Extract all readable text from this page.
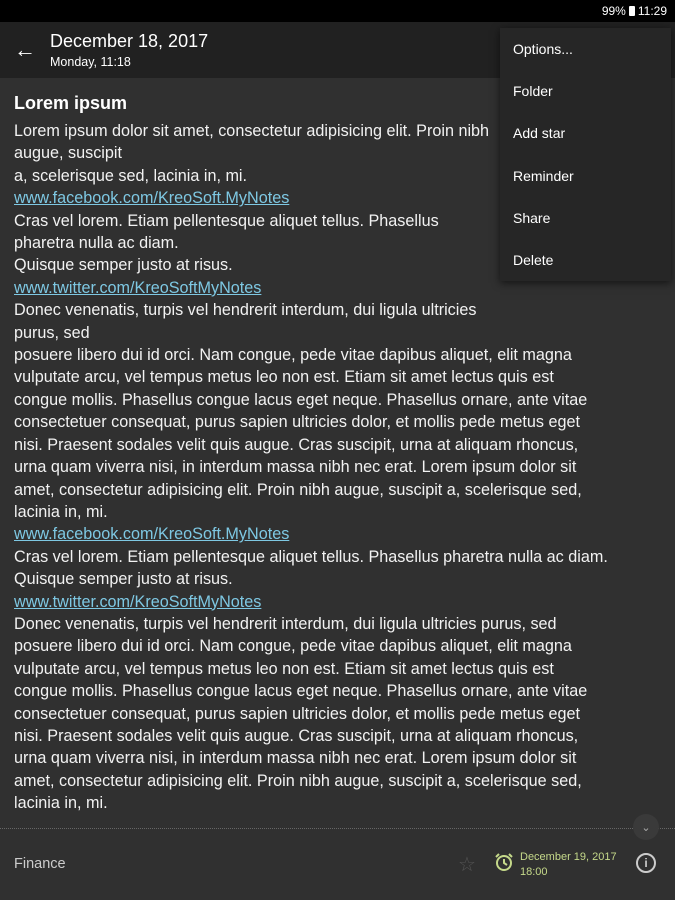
99% 11:29
← December 18, 2017
Monday, 11:18
Lorem ipsum
Lorem ipsum dolor sit amet, consectetur adipisicing elit. Proin nibh augue, suscipit
a, scelerisque sed, lacinia in, mi.
www.facebook.com/KreoSoft.MyNotes
Cras vel lorem. Etiam pellentesque aliquet tellus. Phasellus pharetra nulla ac diam.
Quisque semper justo at risus.
www.twitter.com/KreoSoftMyNotes
Donec venenatis, turpis vel hendrerit interdum, dui ligula ultricies purus, sed
posuere libero dui id orci. Nam congue, pede vitae dapibus aliquet, elit magna
vulputate arcu, vel tempus metus leo non est. Etiam sit amet lectus quis est
congue mollis. Phasellus congue lacus eget neque. Phasellus ornare, ante vitae
consectetuer consequat, purus sapien ultricies dolor, et mollis pede metus eget
nisi. Praesent sodales velit quis augue. Cras suscipit, urna at aliquam rhoncus,
urna quam viverra nisi, in interdum massa nibh nec erat. Lorem ipsum dolor sit
amet, consectetur adipisicing elit. Proin nibh augue, suscipit a, scelerisque sed,
lacinia in, mi.
www.facebook.com/KreoSoft.MyNotes
Cras vel lorem. Etiam pellentesque aliquet tellus. Phasellus pharetra nulla ac diam.
Quisque semper justo at risus.
www.twitter.com/KreoSoftMyNotes
Donec venenatis, turpis vel hendrerit interdum, dui ligula ultricies purus, sed
posuere libero dui id orci. Nam congue, pede vitae dapibus aliquet, elit magna
vulputate arcu, vel tempus metus leo non est. Etiam sit amet lectus quis est
congue mollis. Phasellus congue lacus eget neque. Phasellus ornare, ante vitae
consectetuer consequat, purus sapien ultricies dolor, et mollis pede metus eget
nisi. Praesent sodales velit quis augue. Cras suscipit, urna at aliquam rhoncus,
urna quam viverra nisi, in interdum massa nibh nec erat. Lorem ipsum dolor sit
amet, consectetur adipisicing elit. Proin nibh augue, suscipit a, scelerisque sed,
lacinia in, mi.
⌄
Finance	☆	December 19, 2017
18:00
i
Options...
Folder
Add star
Reminder
Share
Delete
